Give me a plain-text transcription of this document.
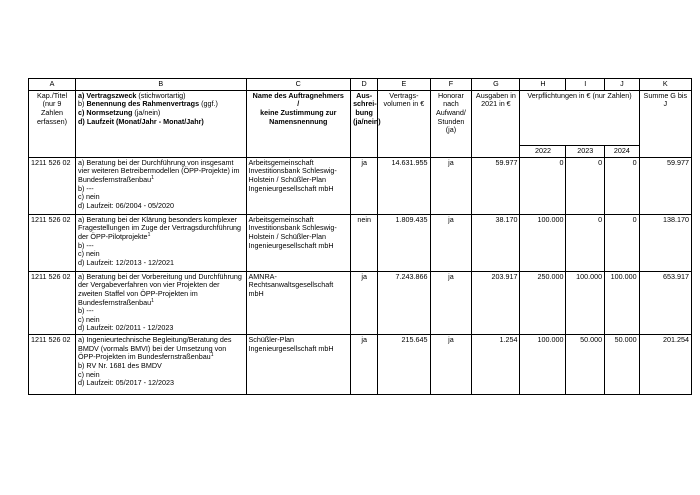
A	B	C	D	E	F	G	H	I	J	K
Kap./Titel (nur 9 Zahlen erfassen)	a) Vertragszweck (stichwortartig)
b) Benennung des Rahmenvertrags (ggf.)
c) Normsetzung (ja/nein)
d) Laufzeit (Monat/Jahr - Monat/Jahr)	Name des Auftragnehmers
/
keine Zustimmung zur Namensnennung	Aus-schrei-bung (ja/nein)	Vertrags-volumen in €	Honorar nach Aufwand/ Stunden (ja)	Ausgaben in 2021 in €	Verpflichtungen in € (nur Zahlen)			Summe G bis J
							2022	2023	2024	
1211 526 02	a) Beratung bei der Durchführung von insgesamt vier weiteren Betreibermodellen (ÖPP-Projekte) im Bundesfernstraßenbau$^1$
b) ---
c) nein
d) Laufzeit: 06/2004 - 05/2020	Arbeitsgemeinschaft Investitionsbank Schleswig-Holstein / Schüßler-Plan Ingenieurgesellschaft mbH	ja	14.631.955	ja	59.977	0	0	0	59.977
1211 526 02	a) Beratung bei der Klärung besonders komplexer Fragestellungen im Zuge der Vertragsdurchführung der ÖPP-Pilotprojekte$^1$
b) ---
c) nein
d) Laufzeit: 12/2013 - 12/2021	Arbeitsgemeinschaft Investitionsbank Schleswig-Holstein / Schüßler-Plan Ingenieurgesellschaft mbH	nein	1.809.435	ja	38.170	100.000	0	0	138.170
1211 526 02	a) Beratung bei der Vorbereitung und Durchführung der Vergabeverfahren von vier Projekten der zweiten Staffel von ÖPP-Projekten im Bundesfernstraßenbau$^1$
b) ---
c) nein
d) Laufzeit: 02/2011 - 12/2023	AMNRA-Rechtsanwaltsgesellschaft mbH	ja	7.243.866	ja	203.917	250.000	100.000	100.000	653.917
1211 526 02	a) Ingenieurtechnische Begleitung/Beratung des BMDV (vormals BMVI) bei der Umsetzung von ÖPP-Projekten im Bundesfernstraßenbau$^1$
b) RV Nr. 1681 des BMDV
c) nein
d) Laufzeit: 05/2017 - 12/2023	Schüßler-Plan Ingenieurgesellschaft mbH	ja	215.645	ja	1.254	100.000	50.000	50.000	201.254
